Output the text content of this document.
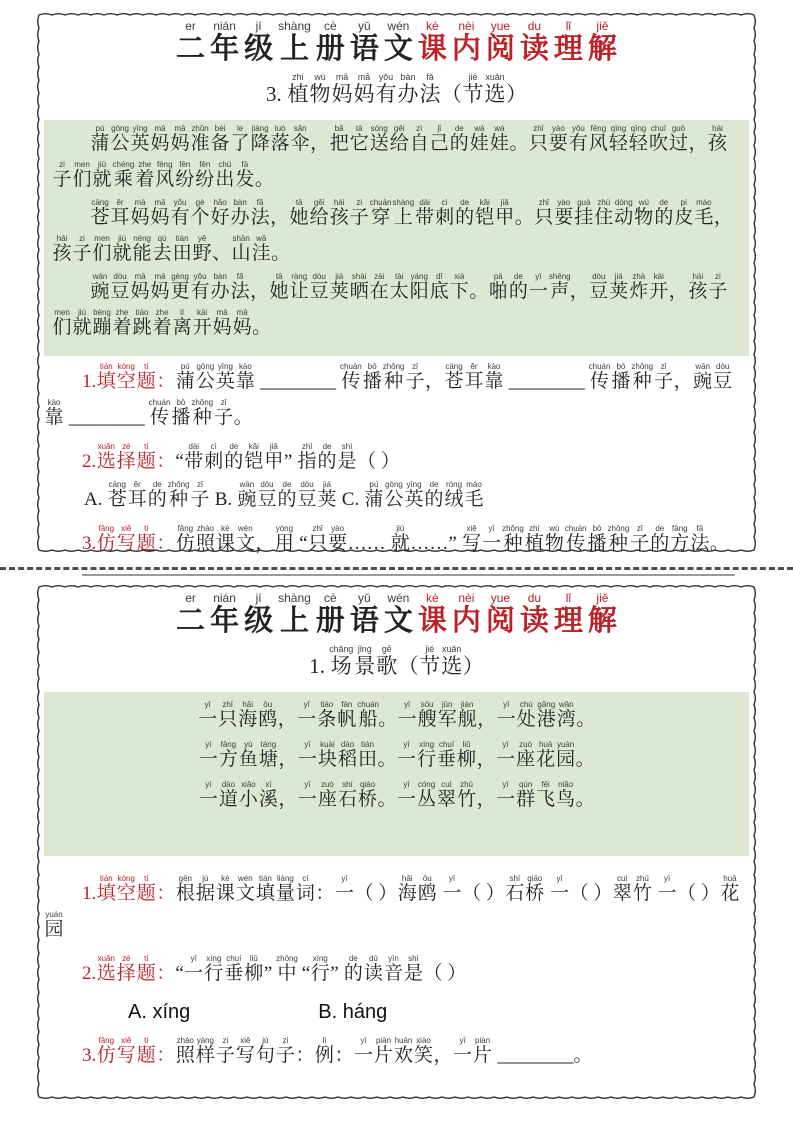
二er年nián级jí上shàng册cè语yǔ文wén课kè内nèi阅yue读du理lǐ解jiě
3. 植zhí物wù妈mā妈mā有yǒu办bàn法fǎ（节jié选xuǎn）

蒲pú公gōng英yīng妈mā妈mā准zhǔn备bèi了le降jiàng落luò伞sǎn，把bǎ它tā送sòng给gěi自zì己jǐ的de娃wá娃wá。只zhǐ要yào有yǒu风fēng轻qīng轻qīng吹chuī过guò，孩hái子zi们men就jiù乘chéng着zhe风fēng纷fēn纷fēn出chū发fā。

苍cāng耳ěr妈mā妈mā有yǒu个gè好hǎo办bàn法fǎ，她tā给gěi孩hái子zi穿chuān上shàng带dài刺cì的de铠kǎi甲jiǎ。只zhǐ要yào挂guà住zhù动dòng物wù的de皮pí毛máo，孩hái子zi们men就jiù能néng去qù田tián野yě、山shān洼wā。

豌wān豆dòu妈mā妈mā更gèng有yǒu办bàn法fǎ，她tā让ràng豆dòu荚jiá晒shài在zài太tài阳yáng底dǐ下xià。啪pā的de一yī声shēng，豆dòu荚jiá炸zhà开kāi，孩hái子zi们men就jiù蹦bèng着zhe跳tiào着zhe离lí开kāi妈mā妈mā。

1.填tián空kòng题tí：蒲pú公gōng英yīng靠kào ________ 传chuán播bō种zhǒng子zǐ，苍cāng耳ěr靠kào ________ 传chuán播bō种zhǒng子zǐ，豌wān豆dòu靠kào ________ 传chuán播bō种zhǒng子zǐ。

2.选xuǎn择zé题tí：“带dài刺cì的de铠kǎi甲jiǎ” 指zhǐ的de是shì（ ）

A. 苍cāng耳ěr的de种zhǒng子zǐ B. 豌wān豆dòu的de豆dòu荚jiá C. 蒲pú公gōng英yīng的de绒róng毛máo

3.仿fǎng写xiě题tí：仿fǎng照zhào课kè文wén，用yòng “只zhǐ要yào…… 就jiù……” 写xiě一yī种zhǒng植zhí物wù传chuán播bō种zhǒng子zǐ的de方fāng法fǎ。

二er年nián级jí上shàng册cè语yǔ文wén课kè内nèi阅yue读du理lǐ解jiě
1. 场chǎng景jǐng歌gē（节jié选xuǎn）

一yī只zhī海hǎi鸥ōu，一yī条tiáo帆fān船chuán。一yī艘sōu军jūn舰jiàn，一yī处chù港gǎng湾wān。

一yī方fāng鱼yú塘táng，一yī块kuài稻dào田tián。一yī行xíng垂chuí柳liǔ，一yī座zuò花huā园yuán。

一yī道dào小xiǎo溪xī，一yī座zuò石shí桥qiáo。一yī丛cóng翠cuì竹zhú，一yī群qún飞fēi鸟niǎo。

1.填tián空kòng题tí：根gēn据jù课kè文wén填tián量liàng词cí：一yī（ ）海hǎi鸥ōu 一yī（ ）石shí桥qiáo 一yī（ ）翠cuì竹zhú 一yī（ ）花huā园yuán

2.选xuǎn择zé题tí：“一yī行xíng垂chuí柳liǔ” 中zhōng “行xíng” 的de读dú音yīn是shì（ ）

A. xíng	B. háng

3.仿fǎng写xiě题tí：照zhào样yàng子zi写xiě句jù子zi：例lì：一yī片piàn欢huān笑xiào，一yī片piàn ________。
